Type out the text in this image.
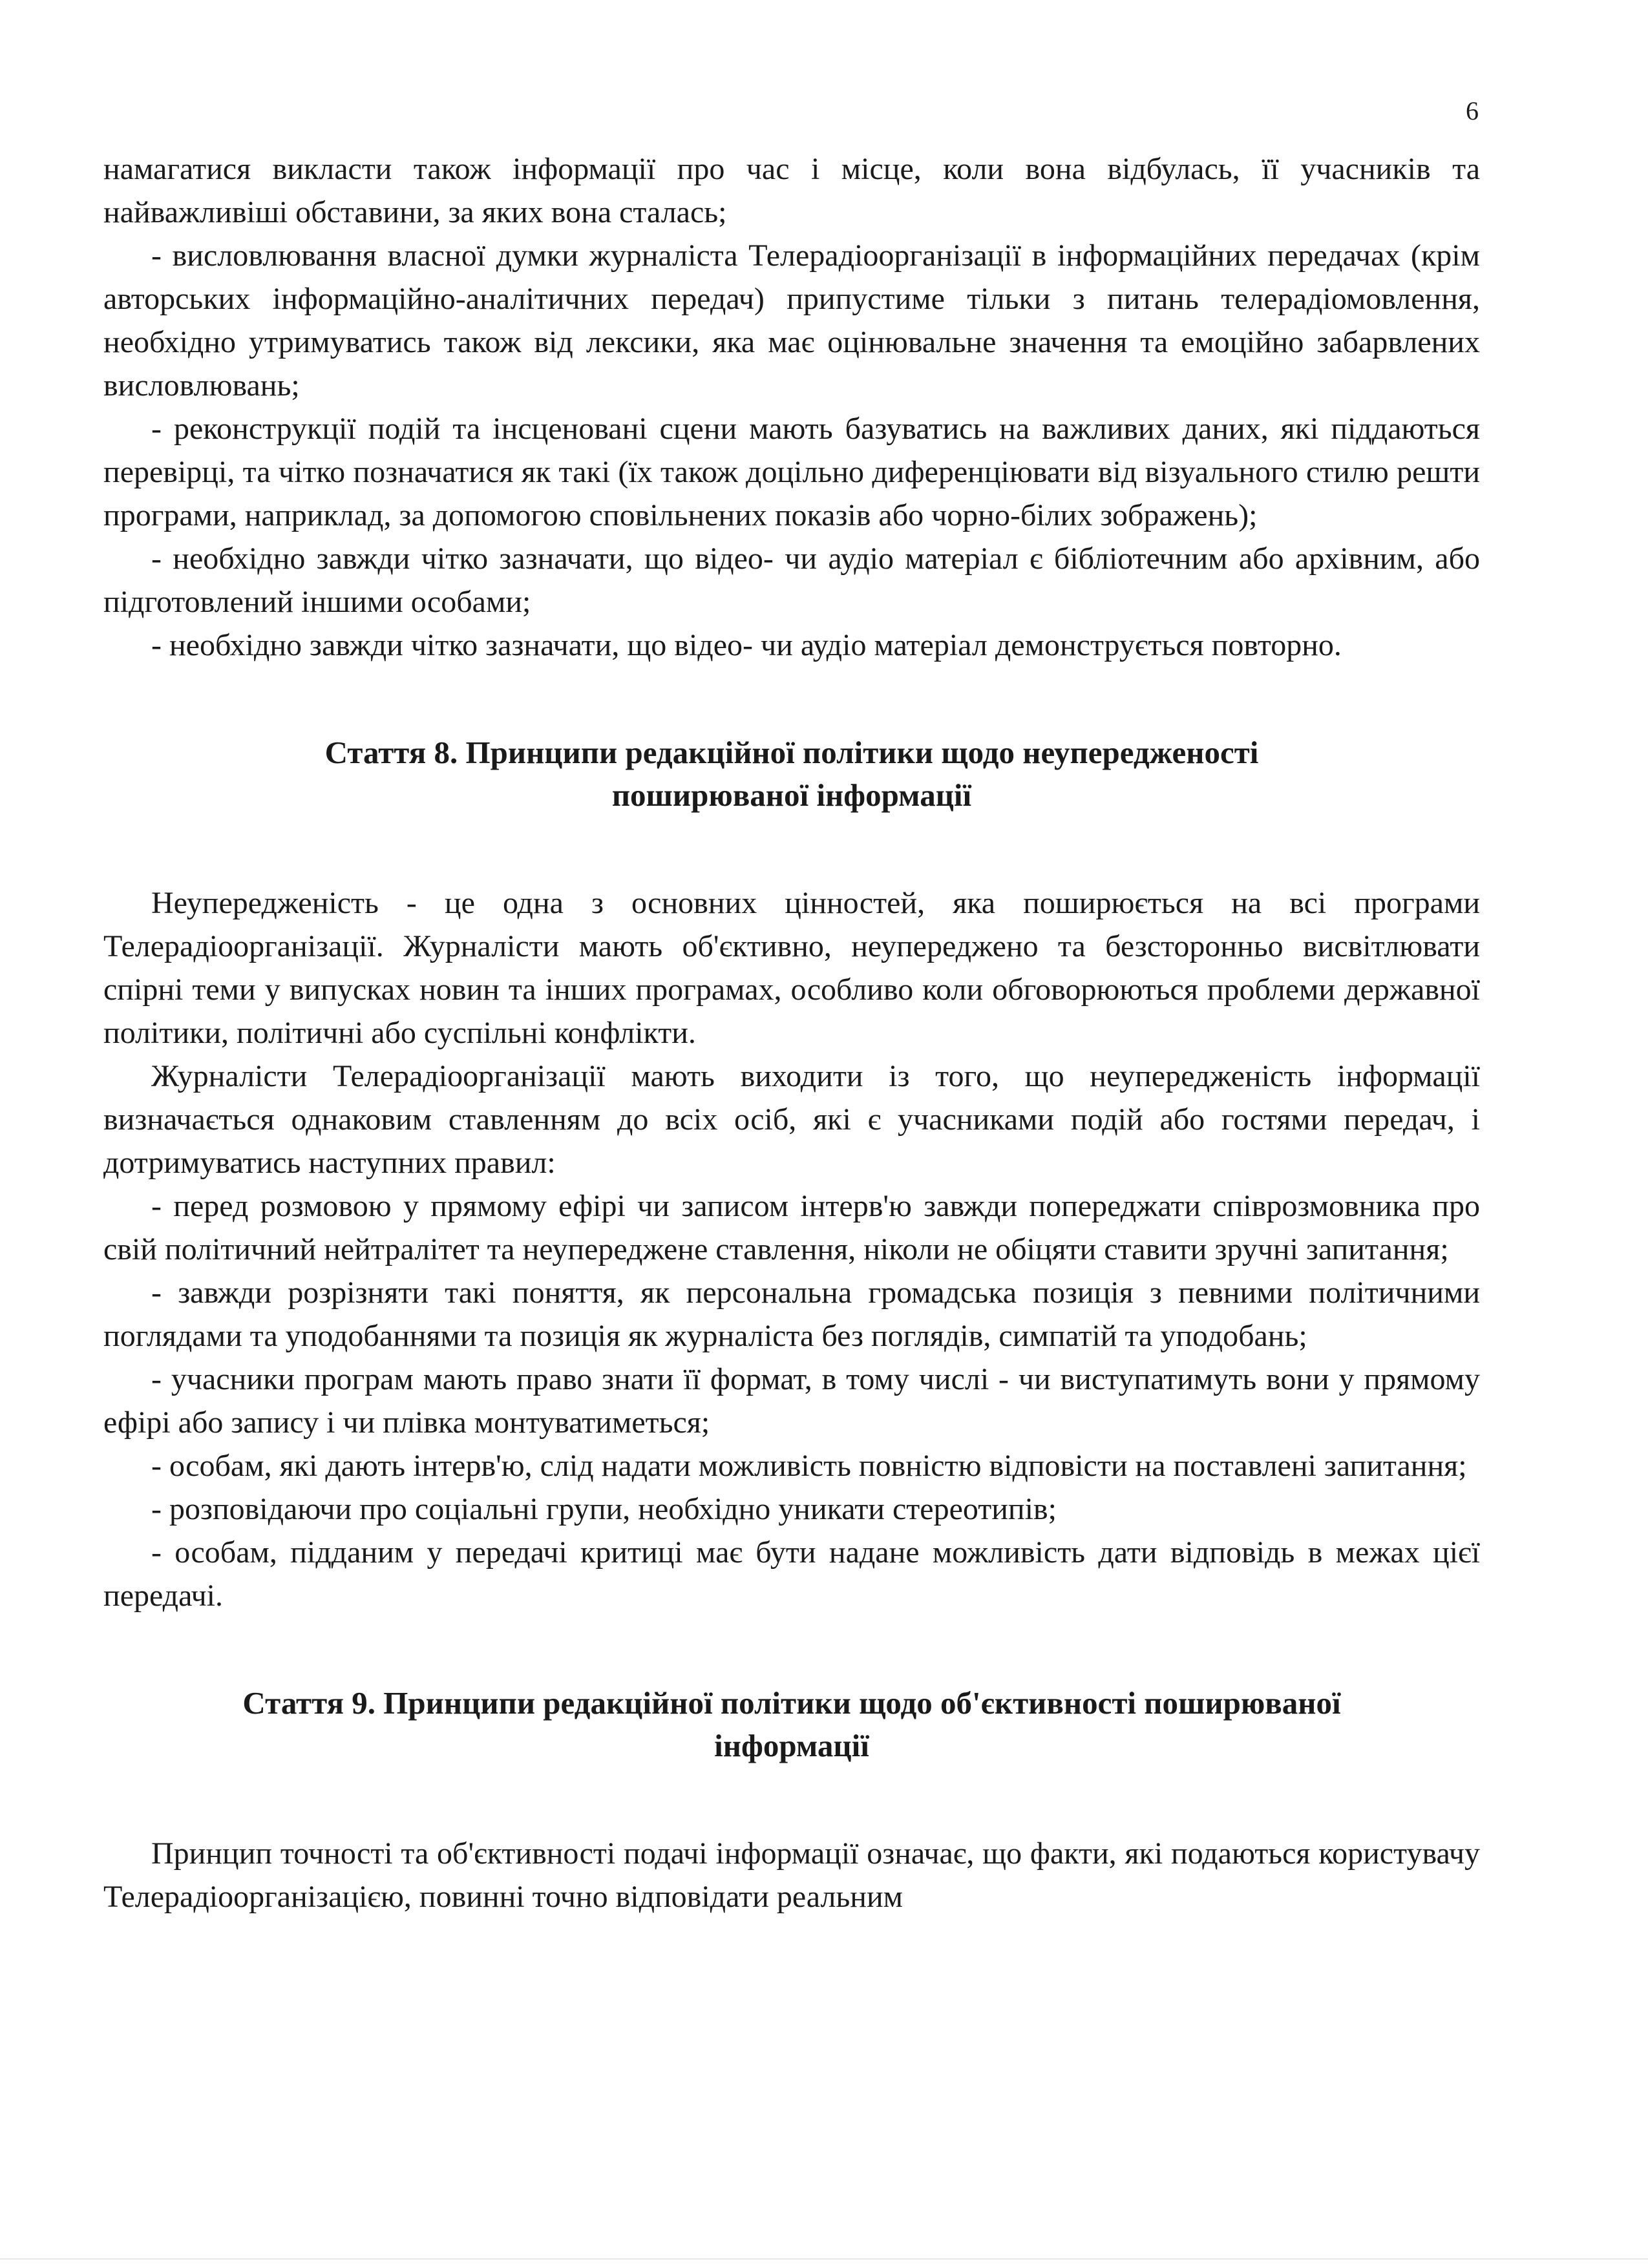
6

намагатися викласти також інформації про час і місце, коли вона відбулась, її учасників та найважливіші обставини, за яких вона сталась;

- висловлювання власної думки журналіста Телерадіоорганізації в інформаційних передачах (крім авторських інформаційно-аналітичних передач) припустиме тільки з питань телерадіомовлення, необхідно утримуватись також від лексики, яка має оцінювальне значення та емоційно забарвлених висловлювань;

- реконструкції подій та інсценовані сцени мають базуватись на важливих даних, які піддаються перевірці, та чітко позначатися як такі (їх також доцільно диференціювати від візуального стилю решти програми, наприклад, за допомогою сповільнених показів або чорно-білих зображень);

- необхідно завжди чітко зазначати, що відео- чи аудіо матеріал є бібліотечним або архівним, або підготовлений іншими особами;

- необхідно завжди чітко зазначати, що відео- чи аудіо матеріал демонструється повторно.

Стаття 8. Принципи редакційної політики щодо неупередженості
поширюваної інформації

Неупередженість - це одна з основних цінностей, яка поширюється на всі програми Телерадіоорганізації. Журналісти мають об'єктивно, неупереджено та безсторонньо висвітлювати спірні теми у випусках новин та інших програмах, особливо коли обговорюються проблеми державної політики, політичні або суспільні конфлікти.

Журналісти Телерадіоорганізації мають виходити із того, що неупередженість інформації визначається однаковим ставленням до всіх осіб, які є учасниками подій або гостями передач, і дотримуватись наступних правил:

- перед розмовою у прямому ефірі чи записом інтерв'ю завжди попереджати співрозмовника про свій політичний нейтралітет та неупереджене ставлення, ніколи не обіцяти ставити зручні запитання;

- завжди розрізняти такі поняття, як персональна громадська позиція з певними політичними поглядами та уподобаннями та позиція як журналіста без поглядів, симпатій та уподобань;

- учасники програм мають право знати її формат, в тому числі - чи виступатимуть вони у прямому ефірі або запису і чи плівка монтуватиметься;

- особам, які дають інтерв'ю, слід надати можливість повністю відповісти на поставлені запитання;

- розповідаючи про соціальні групи, необхідно уникати стереотипів;

- особам, підданим у передачі критиці має бути надане можливість дати відповідь в межах цієї передачі.

Стаття 9. Принципи редакційної політики щодо об'єктивності поширюваної
інформації

Принцип точності та об'єктивності подачі інформації означає, що факти, які подаються користувачу Телерадіоорганізацією, повинні точно відповідати реальним
